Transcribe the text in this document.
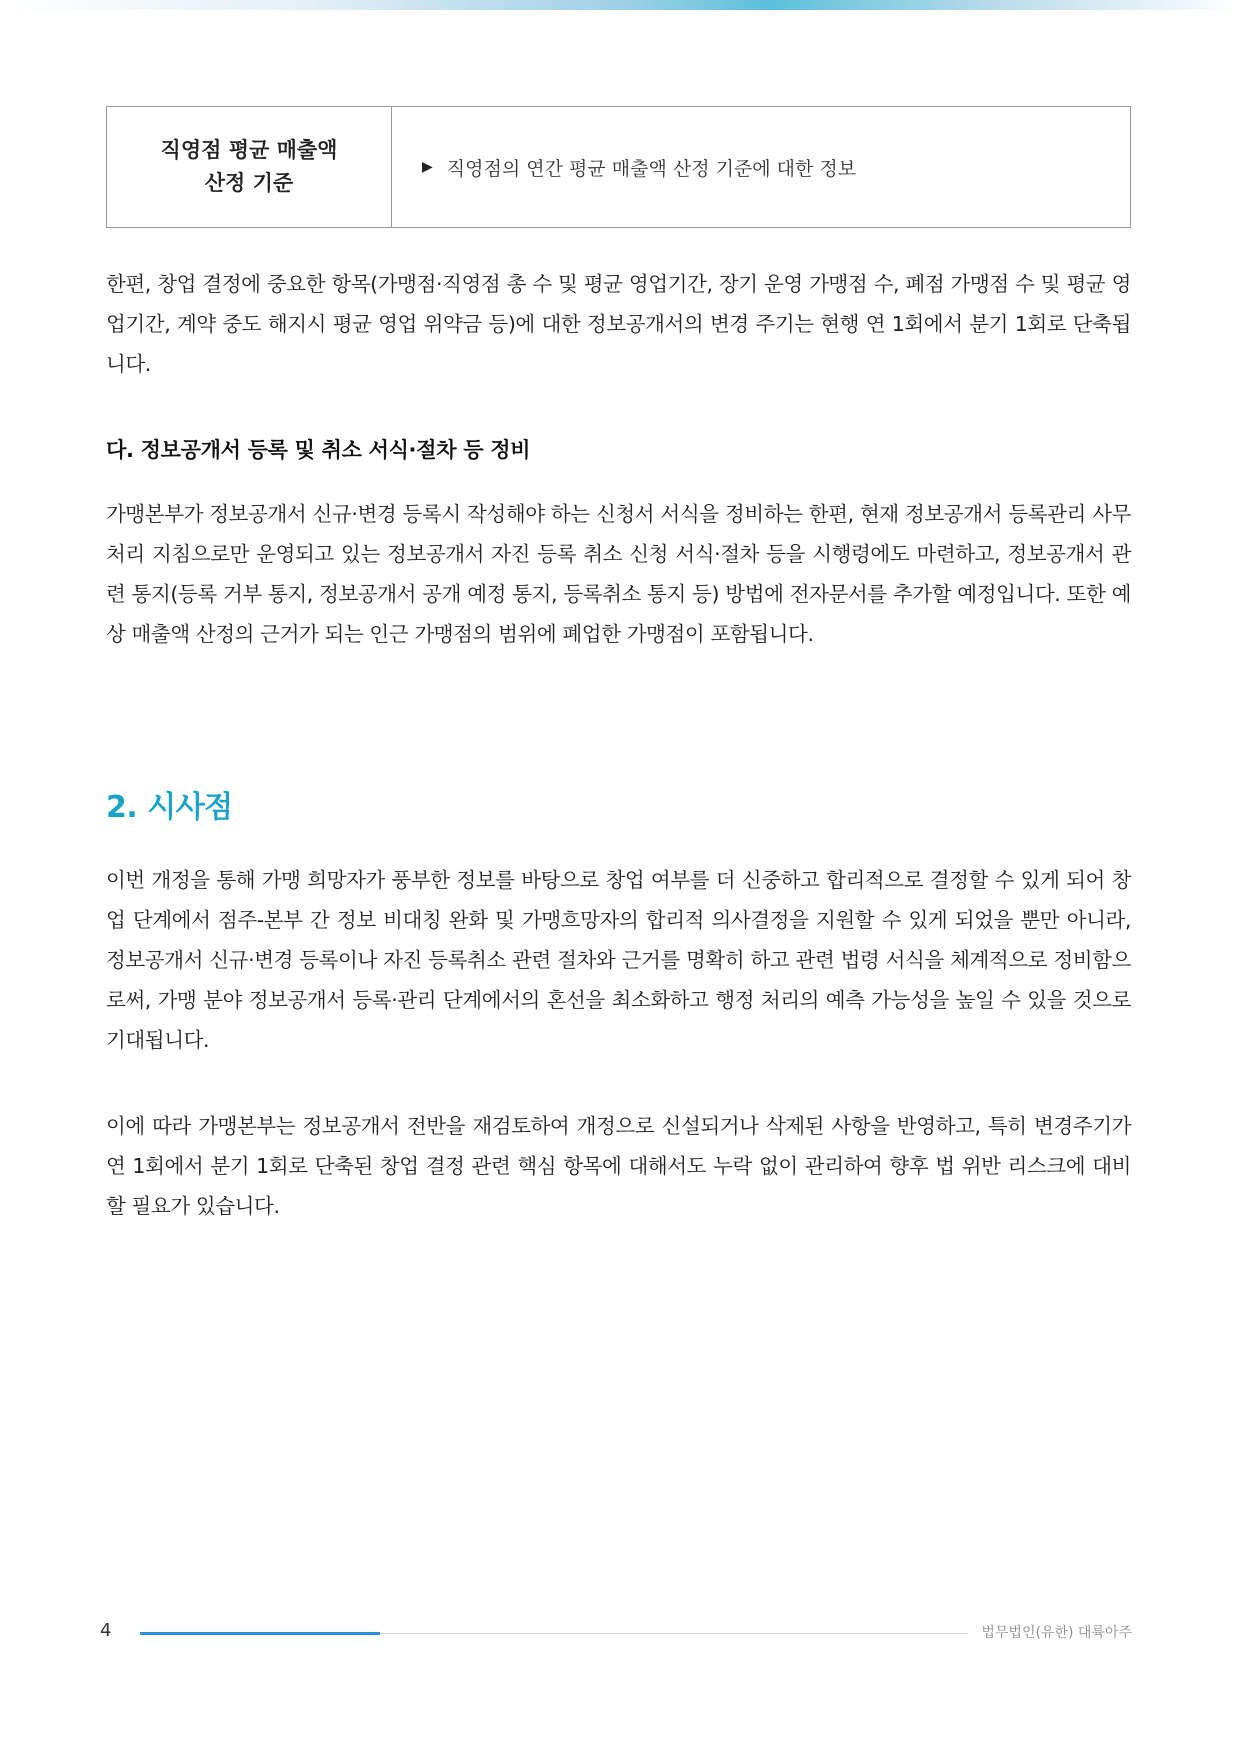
직영점 평균 매출액
산정 기준
▶ 직영점의 연간 평균 매출액 산정 기준에 대한 정보

한편, 창업 결정에 중요한 항목(가맹점·직영점 총 수 및 평균 영업기간, 장기 운영 가맹점 수, 폐점 가맹점 수 및 평균 영업기간, 계약 중도 해지시 평균 영업 위약금 등)에 대한 정보공개서의 변경 주기는 현행 연 1회에서 분기 1회로 단축됩니다.

다. 정보공개서 등록 및 취소 서식·절차 등 정비

가맹본부가 정보공개서 신규·변경 등록시 작성해야 하는 신청서 서식을 정비하는 한편, 현재 정보공개서 등록관리 사무처리 지침으로만 운영되고 있는 정보공개서 자진 등록 취소 신청 서식·절차 등을 시행령에도 마련하고, 정보공개서 관련 통지(등록 거부 통지, 정보공개서 공개 예정 통지, 등록취소 통지 등) 방법에 전자문서를 추가할 예정입니다. 또한 예상 매출액 산정의 근거가 되는 인근 가맹점의 범위에 폐업한 가맹점이 포함됩니다.

2. 시사점

이번 개정을 통해 가맹 희망자가 풍부한 정보를 바탕으로 창업 여부를 더 신중하고 합리적으로 결정할 수 있게 되어 창업 단계에서 점주-본부 간 정보 비대칭 완화 및 가맹흐망자의 합리적 의사결정을 지원할 수 있게 되었을 뿐만 아니라, 정보공개서 신규·변경 등록이나 자진 등록취소 관련 절차와 근거를 명확히 하고 관련 법령 서식을 체계적으로 정비함으로써, 가맹 분야 정보공개서 등록·관리 단계에서의 혼선을 최소화하고 행정 처리의 예측 가능성을 높일 수 있을 것으로 기대됩니다.

이에 따라 가맹본부는 정보공개서 전반을 재검토하여 개정으로 신설되거나 삭제된 사항을 반영하고, 특히 변경주기가 연 1회에서 분기 1회로 단축된 창업 결정 관련 핵심 항목에 대해서도 누락 없이 관리하여 향후 법 위반 리스크에 대비할 필요가 있습니다.

4	법무법인(유한) 대륙아주
